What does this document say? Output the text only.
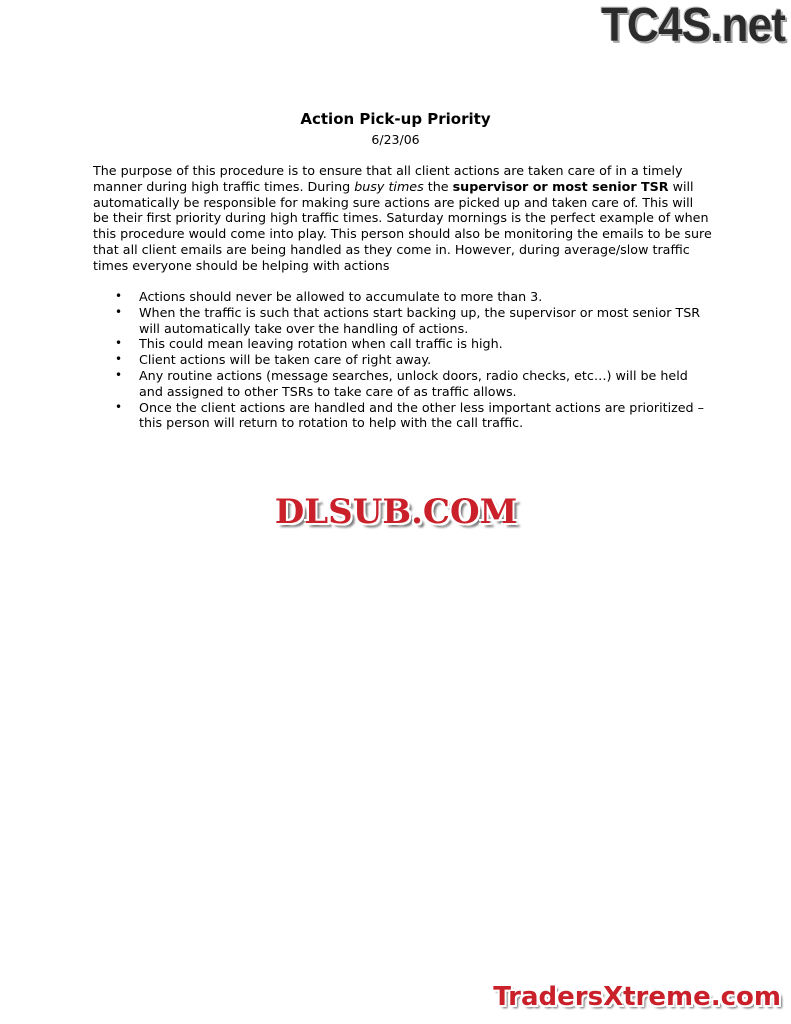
TC4S.net
Action Pick-up Priority
6/23/06
The purpose of this procedure is to ensure that all client actions are taken care of in a timely manner during high traffic times. During busy times the supervisor or most senior TSR will automatically be responsible for making sure actions are picked up and taken care of. This will be their first priority during high traffic times. Saturday mornings is the perfect example of when this procedure would come into play. This person should also be monitoring the emails to be sure that all client emails are being handled as they come in. However, during average/slow traffic times everyone should be helping with actions
• Actions should never be allowed to accumulate to more than 3.
• When the traffic is such that actions start backing up, the supervisor or most senior TSR will automatically take over the handling of actions.
• This could mean leaving rotation when call traffic is high.
• Client actions will be taken care of right away.
• Any routine actions (message searches, unlock doors, radio checks, etc…) will be held and assigned to other TSRs to take care of as traffic allows.
• Once the client actions are handled and the other less important actions are prioritized – this person will return to rotation to help with the call traffic.
DLSUB.COM
TradersXtreme.com
